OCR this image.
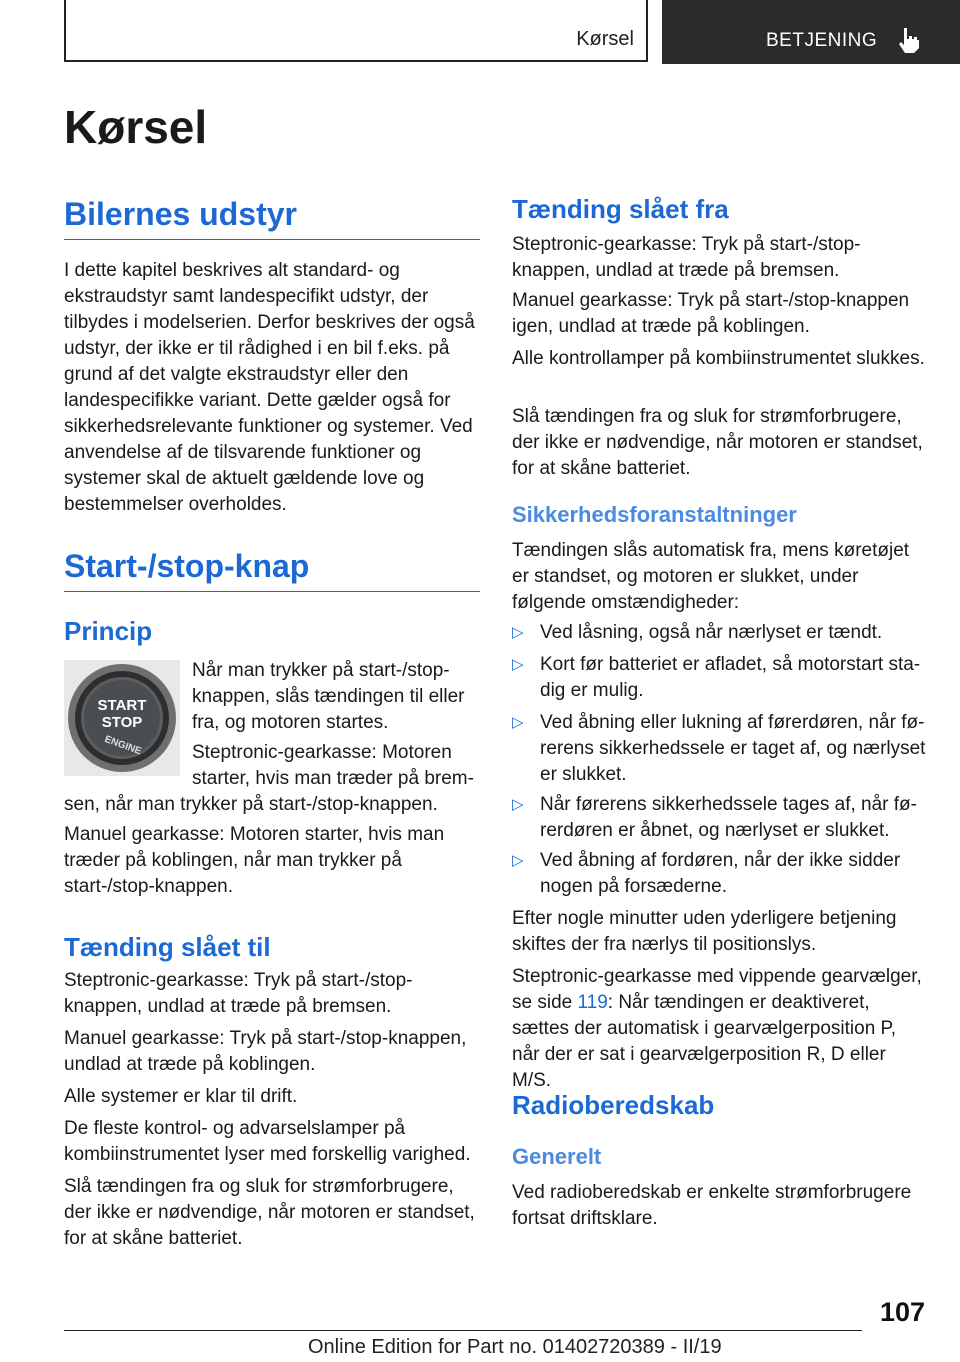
Kørsel	BETJENING
Kørsel
Bilernes udstyr

I dette kapitel beskrives alt standard- og ekstraudstyr samt landespecifikt udstyr, der tilbydes i modelserien. Derfor beskrives der også udstyr, der ikke er til rådighed i en bil f.eks. på grund af det valgte ekstraudstyr eller den landespecifikke variant. Dette gælder også for sikkerhedsrelevante funktioner og systemer. Ved anvendelse af de tilsvarende funktioner og systemer skal de aktuelt gældende love og bestemmelser overholdes.

Start-/stop-knap
Princip
START
STOP
ENGINE

Når man trykker på start-/stop-knappen, slås tændingen til eller fra, og motoren startes.

Steptronic-gearkasse: Motoren starter, hvis man træder på brem-

sen, når man trykker på start-/stop-knappen.

Manuel gearkasse: Motoren starter, hvis man træder på koblingen, når man trykker på start-/stop-knappen.

Tænding slået til

Steptronic-gearkasse: Tryk på start-/stop-knappen, undlad at træde på bremsen.

Manuel gearkasse: Tryk på start-/stop-knappen, undlad at træde på koblingen.

Alle systemer er klar til drift.

De fleste kontrol- og advarselslamper på kombiinstrumentet lyser med forskellig varighed.

Slå tændingen fra og sluk for strømforbrugere, der ikke er nødvendige, når motoren er standset, for at skåne batteriet.

Tænding slået fra

Steptronic-gearkasse: Tryk på start-/stop-knappen, undlad at træde på bremsen.

Manuel gearkasse: Tryk på start-/stop-knappen igen, undlad at træde på koblingen.

Alle kontrollamper på kombiinstrumentet slukkes.

Slå tændingen fra og sluk for strømforbrugere, der ikke er nødvendige, når motoren er standset, for at skåne batteriet.

Sikkerhedsforanstaltninger

Tændingen slås automatisk fra, mens køretøjet er standset, og motoren er slukket, under følgende omstændigheder:

▷ Ved låsning, også når nærlyset er tændt.
▷ Kort før batteriet er afladet, så motorstart sta-dig er mulig.
▷ Ved åbning eller lukning af førerdøren, når fø-rerens sikkerhedssele er taget af, og nærlyset er slukket.
▷ Når førerens sikkerhedssele tages af, når fø-rerdøren er åbnet, og nærlyset er slukket.
▷ Ved åbning af fordøren, når der ikke sidder nogen på forsæderne.

Efter nogle minutter uden yderligere betjening skiftes der fra nærlys til positionslys.

Steptronic-gearkasse med vippende gearvælger, se side 119: Når tændingen er deaktiveret, sættes der automatisk i gearvælgerposition P, når der er sat i gearvælgerposition R, D eller M/S.

Radioberedskab
Generelt

Ved radioberedskab er enkelte strømforbrugere fortsat driftsklare.

107
Online Edition for Part no. 01402720389 - II/19
